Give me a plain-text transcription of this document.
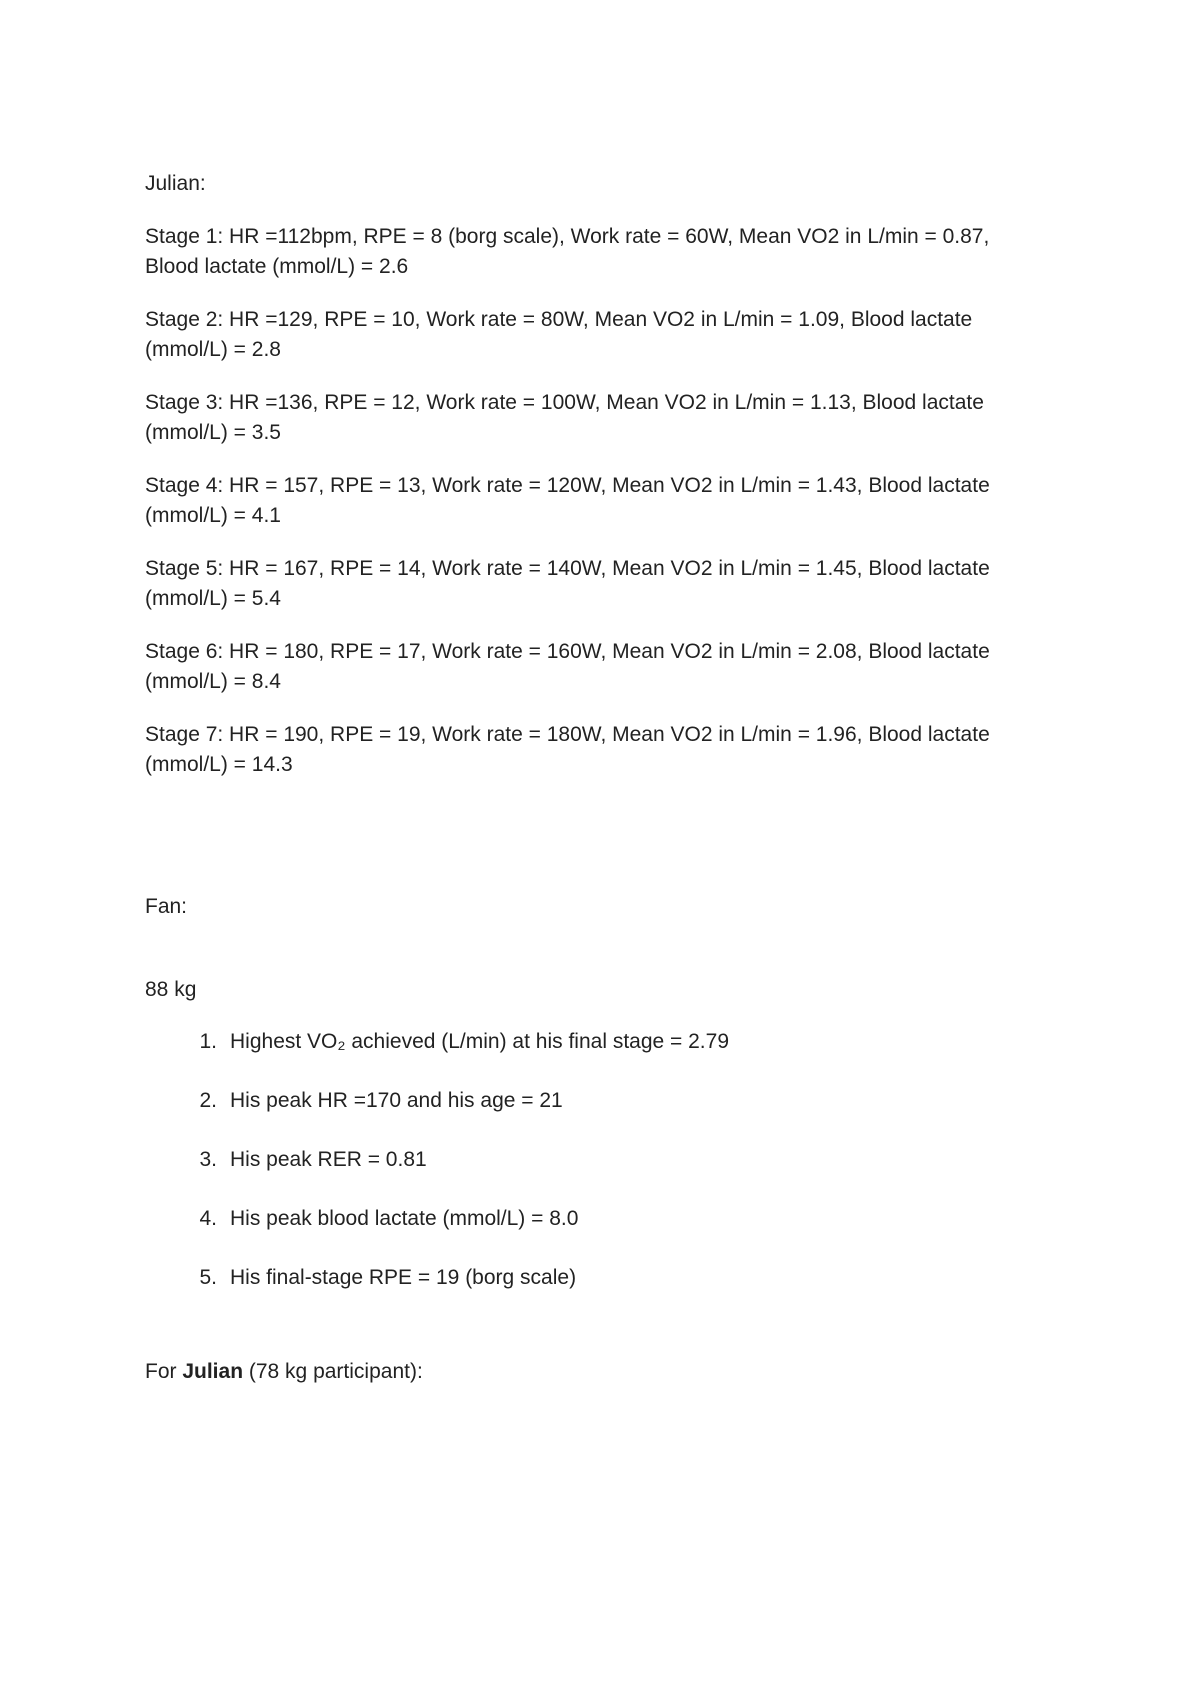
Julian:
Stage 1: HR =112bpm, RPE = 8 (borg scale), Work rate = 60W, Mean VO2 in L/min = 0.87,
Blood lactate (mmol/L) = 2.6
Stage 2: HR =129, RPE = 10, Work rate = 80W, Mean VO2 in L/min = 1.09, Blood lactate
(mmol/L) = 2.8
Stage 3: HR =136, RPE = 12, Work rate = 100W, Mean VO2 in L/min = 1.13, Blood lactate
(mmol/L) = 3.5
Stage 4: HR = 157, RPE = 13, Work rate = 120W, Mean VO2 in L/min = 1.43, Blood lactate
(mmol/L) = 4.1
Stage 5: HR = 167, RPE = 14, Work rate = 140W, Mean VO2 in L/min = 1.45, Blood lactate
(mmol/L) = 5.4
Stage 6: HR = 180, RPE = 17, Work rate = 160W, Mean VO2 in L/min = 2.08, Blood lactate
(mmol/L) = 8.4
Stage 7: HR = 190, RPE = 19, Work rate = 180W, Mean VO2 in L/min = 1.96, Blood lactate
(mmol/L) = 14.3
Fan:
88 kg
1. Highest VO₂ achieved (L/min) at his final stage = 2.79
2. His peak HR =170 and his age = 21
3. His peak RER = 0.81
4. His peak blood lactate (mmol/L) = 8.0
5. His final-stage RPE = 19 (borg scale)
For Julian (78 kg participant):
